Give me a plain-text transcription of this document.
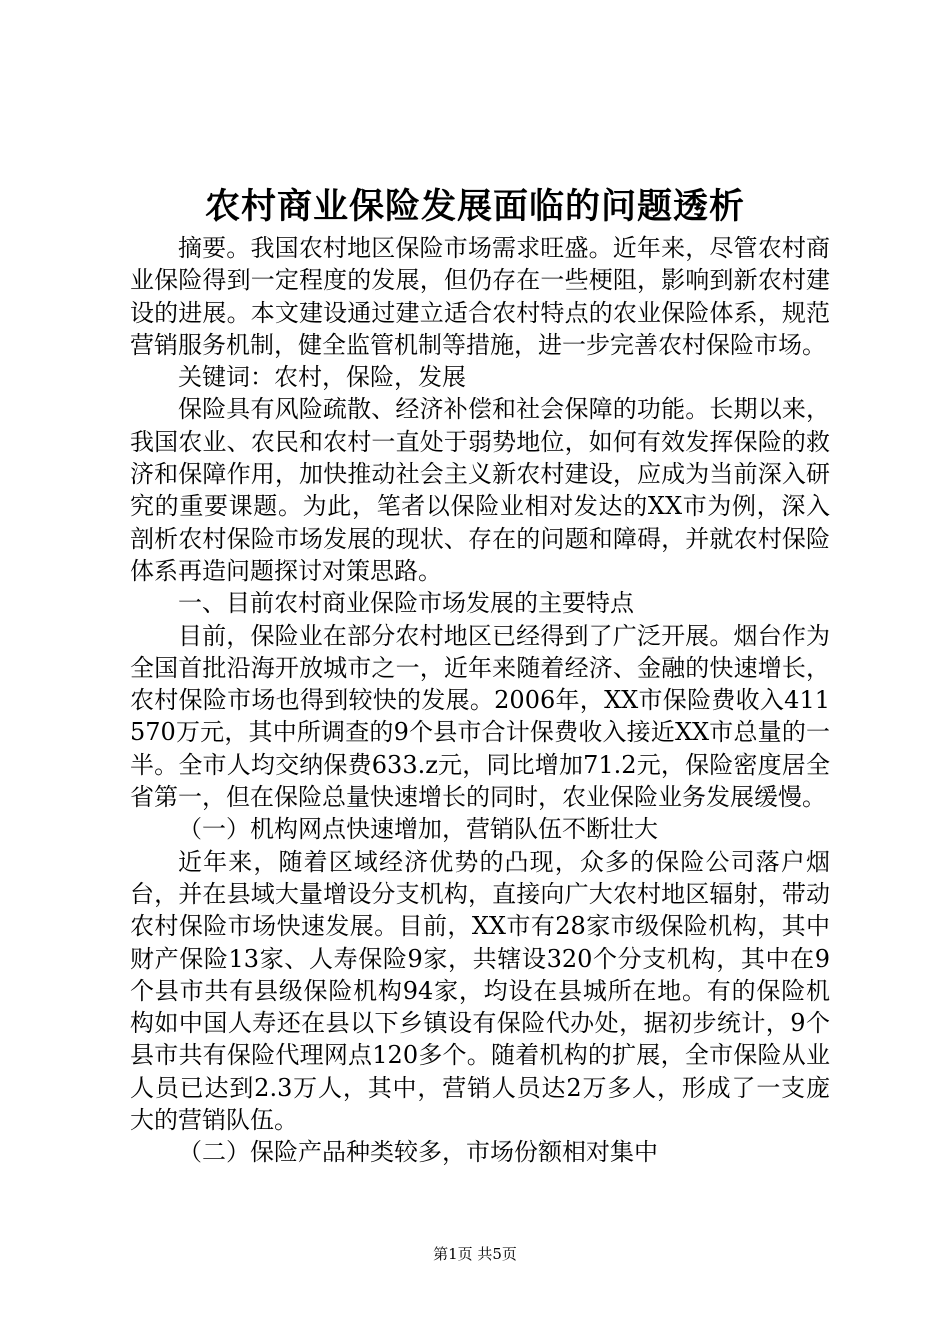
农村商业保险发展面临的问题透析

摘要。我国农村地区保险市场需求旺盛。近年来，尽管农村商业保险得到一定程度的发展，但仍存在一些梗阻，影响到新农村建设的进展。本文建设通过建立适合农村特点的农业保险体系，规范营销服务机制，健全监管机制等措施，进一步完善农村保险市场。

关键词：农村，保险，发展

保险具有风险疏散、经济补偿和社会保障的功能。长期以来，我国农业、农民和农村一直处于弱势地位，如何有效发挥保险的救济和保障作用，加快推动社会主义新农村建设，应成为当前深入研究的重要课题。为此，笔者以保险业相对发达的XX市为例，深入剖析农村保险市场发展的现状、存在的问题和障碍，并就农村保险体系再造问题探讨对策思路。

一、目前农村商业保险市场发展的主要特点

目前，保险业在部分农村地区已经得到了广泛开展。烟台作为全国首批沿海开放城市之一，近年来随着经济、金融的快速增长，农村保险市场也得到较快的发展。2006年，XX市保险费收入411570万元，其中所调查的9个县市合计保费收入接近XX市总量的一半。全市人均交纳保费633.z元，同比增加71.2元，保险密度居全省第一，但在保险总量快速增长的同时，农业保险业务发展缓慢。

（一）机构网点快速增加，营销队伍不断壮大

近年来，随着区域经济优势的凸现，众多的保险公司落户烟台，并在县域大量增设分支机构，直接向广大农村地区辐射，带动农村保险市场快速发展。目前，XX市有28家市级保险机构，其中财产保险13家、人寿保险9家，共辖设320个分支机构，其中在9个县市共有县级保险机构94家，均设在县城所在地。有的保险机构如中国人寿还在县以下乡镇设有保险代办处，据初步统计，9个县市共有保险代理网点120多个。随着机构的扩展，全市保险从业人员已达到2.3万人，其中，营销人员达2万多人，形成了一支庞大的营销队伍。

（二）保险产品种类较多，市场份额相对集中

第1页 共5页
